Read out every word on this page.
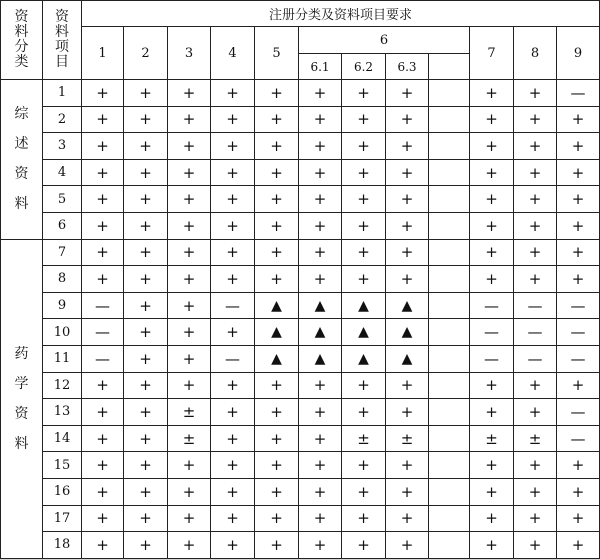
资
料
分
类	资
料
项
目	注册分类及资料项目要求											
		1	2	3	4	5	6				7	8	9
							6.1	6.2	6.3				

综
述
资
料	1	+	+	+	+	+	+	+	+		+	+	—
	2	+	+	+	+	+	+	+	+		+	+	+
	3	+	+	+	+	+	+	+	+		+	+	+
	4	+	+	+	+	+	+	+	+		+	+	+
	5	+	+	+	+	+	+	+	+		+	+	+
	6	+	+	+	+	+	+	+	+		+	+	+

药
学
资
料	7	+	+	+	+	+	+	+	+		+	+	+
	8	+	+	+	+	+	+	+	+		+	+	+
	9	—	+	+	—	▲	▲	▲	▲		—	—	—
	10	—	+	+	+	▲	▲	▲	▲		—	—	—
	11	—	+	+	—	▲	▲	▲	▲		—	—	—
	12	+	+	+	+	+	+	+	+		+	+	+
	13	+	+	±	+	+	+	+	+		+	+	—
	14	+	+	±	+	+	+	±	±		±	±	—
	15	+	+	+	+	+	+	+	+		+	+	+
	16	+	+	+	+	+	+	+	+		+	+	+
	17	+	+	+	+	+	+	+	+		+	+	+
	18	+	+	+	+	+	+	+	+		+	+	+
